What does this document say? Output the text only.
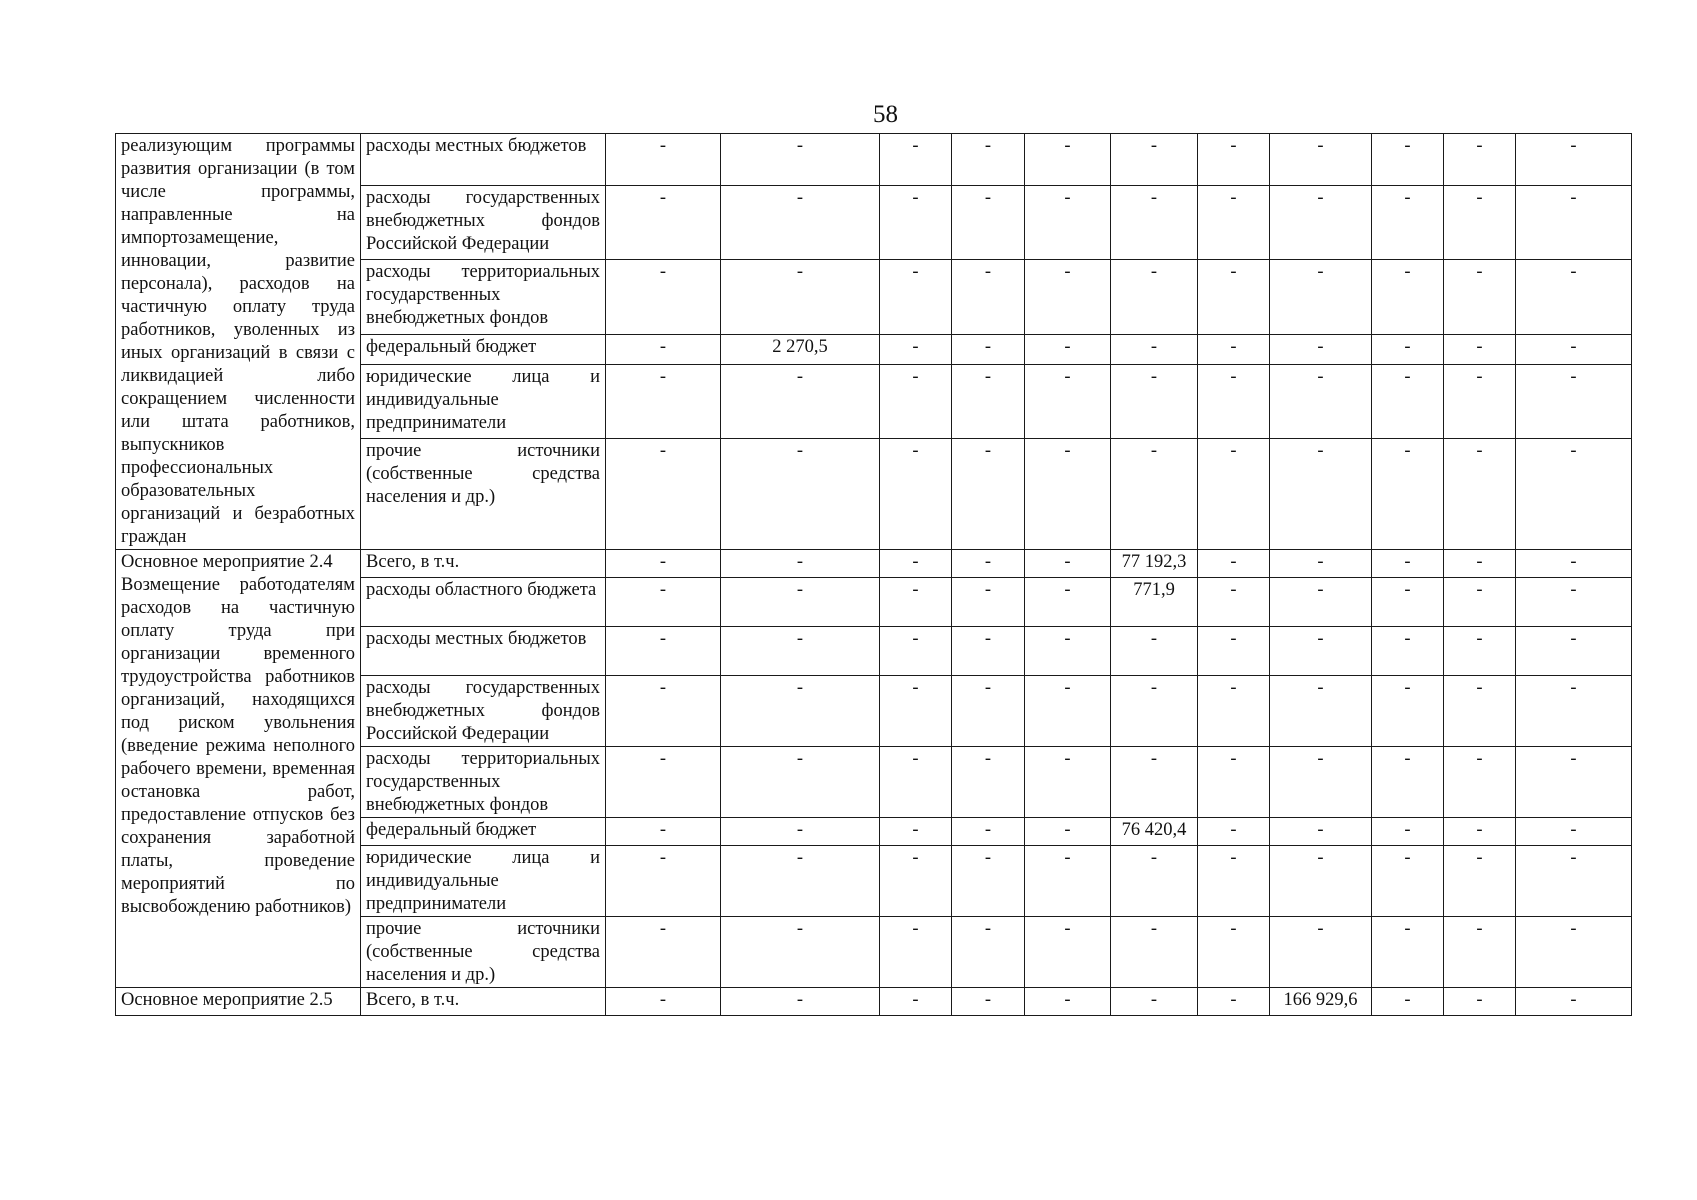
58
реализующим программы развития организации (в том числе программы, направленные на импортозамещение, инновации, развитие персонала), расходов на частичную оплату труда работников, уволенных из иных организаций в связи с ликвидацией либо сокращением численности или штата работников, выпускников профессиональных образовательных организаций и безработных граждан	расходы местных бюджетов	-	-	-	-	-	-	-	-	-	-	-
	расходы государственных внебюджетных фондов Российской Федерации	-	-	-	-	-	-	-	-	-	-	-
	расходы территориальных государственных внебюджетных фондов	-	-	-	-	-	-	-	-	-	-	-
	федеральный бюджет	-	2 270,5	-	-	-	-	-	-	-	-	-
	юридические лица и индивидуальные предприниматели	-	-	-	-	-	-	-	-	-	-	-
	прочие источники (собственные средства населения и др.)	-	-	-	-	-	-	-	-	-	-	-

Основное мероприятие 2.4
Возмещение работодателям расходов на частичную оплату труда при организации временного трудоустройства работников организаций, находящихся под риском увольнения (введение режима неполного рабочего времени, временная остановка работ, предоставление отпусков без сохранения заработной платы, проведение мероприятий по высвобождению работников)	Всего, в т.ч.	-	-	-	-	-	77 192,3	-	-	-	-	-
	расходы областного бюджета	-	-	-	-	-	771,9	-	-	-	-	-
	расходы местных бюджетов	-	-	-	-	-	-	-	-	-	-	-
	расходы государственных внебюджетных фондов Российской Федерации	-	-	-	-	-	-	-	-	-	-	-
	расходы территориальных государственных внебюджетных фондов	-	-	-	-	-	-	-	-	-	-	-
	федеральный бюджет	-	-	-	-	-	76 420,4	-	-	-	-	-
	юридические лица и индивидуальные предприниматели	-	-	-	-	-	-	-	-	-	-	-
	прочие источники (собственные средства населения и др.)	-	-	-	-	-	-	-	-	-	-	-

Основное мероприятие 2.5	Всего, в т.ч.	-	-	-	-	-	-	-	166 929,6	-	-	-
